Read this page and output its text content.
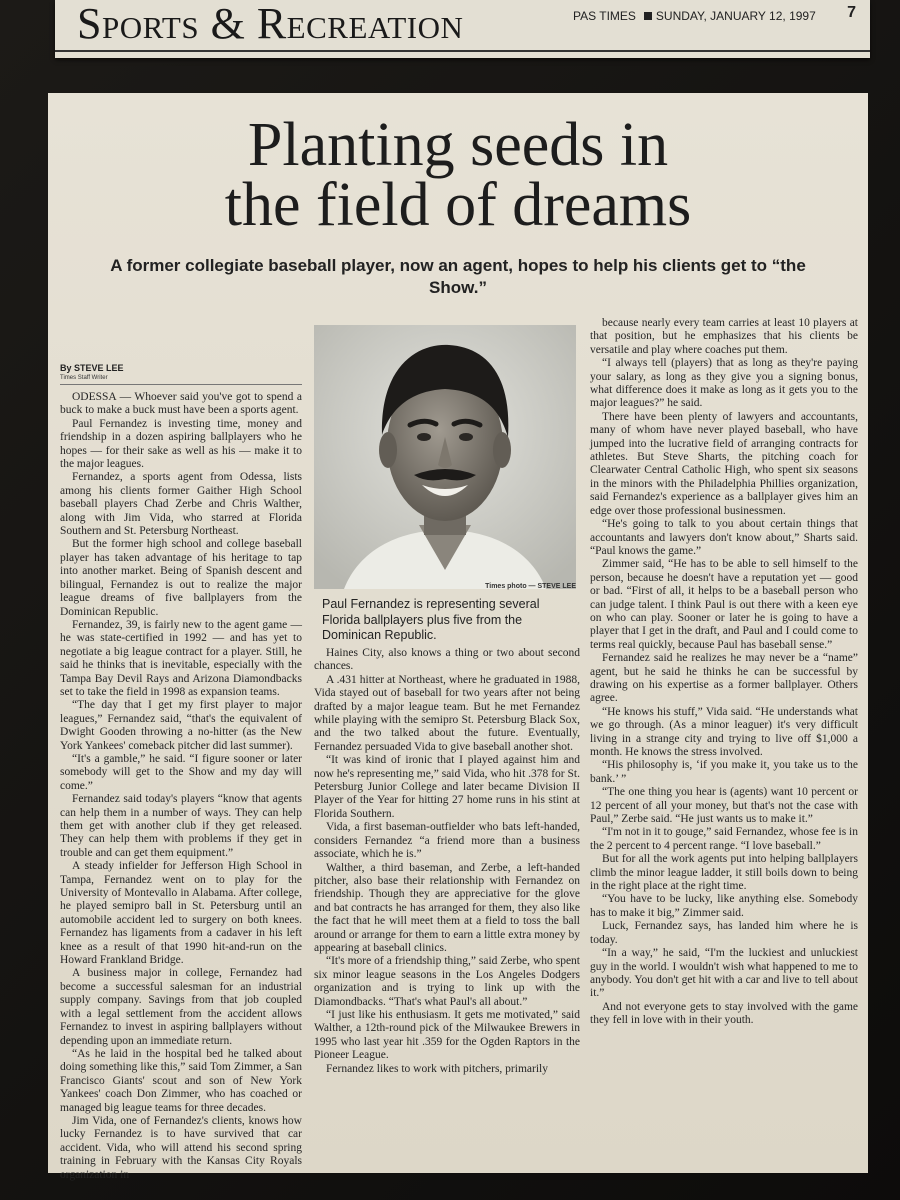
Sports & Recreation	PAS TIMES SUNDAY, JANUARY 12, 1997 7
Planting seeds in
the field of dreams
A former collegiate baseball player, now an agent, hopes to help his clients get to “the Show.”
By STEVE LEE
Times Staff Writer

ODESSA — Whoever said you've got to spend a buck to make a buck must have been a sports agent.

Paul Fernandez is investing time, money and friendship in a dozen aspiring ballplayers who he hopes — for their sake as well as his — make it to the major leagues.

Fernandez, a sports agent from Odessa, lists among his clients former Gaither High School baseball players Chad Zerbe and Chris Walther, along with Jim Vida, who starred at Florida Southern and St. Petersburg Northeast.

But the former high school and college baseball player has taken advantage of his heritage to tap into another market. Being of Spanish descent and bilingual, Fernandez is out to realize the major league dreams of five ballplayers from the Dominican Republic.

Fernandez, 39, is fairly new to the agent game — he was state-certified in 1992 — and has yet to negotiate a big league contract for a player. Still, he said he thinks that is inevitable, especially with the Tampa Bay Devil Rays and Arizona Diamondbacks set to take the field in 1998 as expansion teams.

“The day that I get my first player to major leagues,” Fernandez said, “that's the equivalent of Dwight Gooden throwing a no-hitter (as the New York Yankees' comeback pitcher did last summer).

“It's a gamble,” he said. “I figure sooner or later somebody will get to the Show and my day will come.”

Fernandez said today's players “know that agents can help them in a number of ways. They can help them get with another club if they get released. They can help them with problems if they get in trouble and can get them equipment.”

A steady infielder for Jefferson High School in Tampa, Fernandez went on to play for the University of Montevallo in Alabama. After college, he played semipro ball in St. Petersburg until an automobile accident led to surgery on both knees. Fernandez has ligaments from a cadaver in his left knee as a result of that 1990 hit-and-run on the Howard Frankland Bridge.

A business major in college, Fernandez had become a successful salesman for an industrial supply company. Savings from that job coupled with a legal settlement from the accident allows Fernandez to invest in aspiring ballplayers without depending upon an immediate return.

“As he laid in the hospital bed he talked about doing something like this,” said Tom Zimmer, a San Francisco Giants' scout and son of New York Yankees' coach Don Zimmer, who has coached or managed big league teams for three decades.

Jim Vida, one of Fernandez's clients, knows how lucky Fernandez is to have survived that car accident. Vida, who will attend his second spring training in February with the Kansas City Royals organization in

Times photo — STEVE LEE
Paul Fernandez is representing several Florida ballplayers plus five from the Dominican Republic.

Haines City, also knows a thing or two about second chances.

A .431 hitter at Northeast, where he graduated in 1988, Vida stayed out of baseball for two years after not being drafted by a major league team. But he met Fernandez while playing with the semipro St. Petersburg Black Sox, and the two talked about the future. Eventually, Fernandez persuaded Vida to give baseball another shot.

“It was kind of ironic that I played against him and now he's representing me,” said Vida, who hit .378 for St. Petersburg Junior College and later became Division II Player of the Year for hitting 27 home runs in his stint at Florida Southern.

Vida, a first baseman-outfielder who bats left-handed, considers Fernandez “a friend more than a business associate, which he is.”

Walther, a third baseman, and Zerbe, a left-handed pitcher, also base their relationship with Fernandez on friendship. Though they are appreciative for the glove and bat contracts he has arranged for them, they also like the fact that he will meet them at a field to toss the ball around or arrange for them to earn a little extra money by appearing at baseball clinics.

“It's more of a friendship thing,” said Zerbe, who spent six minor league seasons in the Los Angeles Dodgers organization and is trying to link up with the Diamondbacks. “That's what Paul's all about.”

“I just like his enthusiasm. It gets me motivated,” said Walther, a 12th-round pick of the Milwaukee Brewers in 1995 who last year hit .359 for the Ogden Raptors in the Pioneer League.

Fernandez likes to work with pitchers, primarily

because nearly every team carries at least 10 players at that position, but he emphasizes that his clients be versatile and play where coaches put them.

“I always tell (players) that as long as they're paying your salary, as long as they give you a signing bonus, what difference does it make as long as it gets you to the major leagues?” he said.

There have been plenty of lawyers and accountants, many of whom have never played baseball, who have jumped into the lucrative field of arranging contracts for athletes. But Steve Sharts, the pitching coach for Clearwater Central Catholic High, who spent six seasons in the minors with the Philadelphia Phillies organization, said Fernandez's experience as a ballplayer gives him an edge over those professional businessmen.

“He's going to talk to you about certain things that accountants and lawyers don't know about,” Sharts said. “Paul knows the game.”

Zimmer said, “He has to be able to sell himself to the person, because he doesn't have a reputation yet — good or bad. “First of all, it helps to be a baseball person who can judge talent. I think Paul is out there with a keen eye on who can play. Sooner or later he is going to have a player that I get in the draft, and Paul and I could come to terms real quickly, because Paul has baseball sense.”

Fernandez said he realizes he may never be a “name” agent, but he said he thinks he can be successful by drawing on his expertise as a former ballplayer. Others agree.

“He knows his stuff,” Vida said. “He understands what we go through. (As a minor leaguer) it's very difficult living in a strange city and trying to live off $1,000 a month. He knows the stress involved.

“His philosophy is, ‘if you make it, you take us to the bank.’ ”

“The one thing you hear is (agents) want 10 percent or 12 percent of all your money, but that's not the case with Paul,” Zerbe said. “He just wants us to make it.”

“I'm not in it to gouge,” said Fernandez, whose fee is in the 2 percent to 4 percent range. “I love baseball.”

But for all the work agents put into helping ballplayers climb the minor league ladder, it still boils down to being in the right place at the right time.

“You have to be lucky, like anything else. Somebody has to make it big,” Zimmer said.

Luck, Fernandez says, has landed him where he is today.

“In a way,” he said, “I'm the luckiest and unluckiest guy in the world. I wouldn't wish what happened to me to anybody. You don't get hit with a car and live to tell about it.”

And not everyone gets to stay involved with the game they fell in love with in their youth.
